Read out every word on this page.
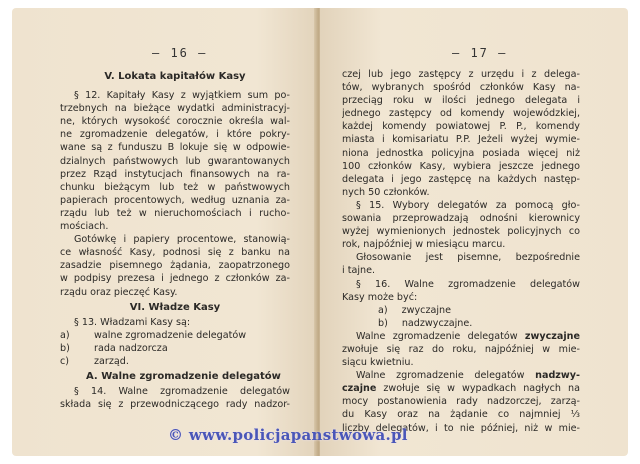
— 16 —
V. Lokata kapitałów Kasy
§ 12. Kapitały Kasy z wyjątkiem sum po-
trzebnych na bieżące wydatki administracyj-
ne, których wysokość corocznie określa wal-
ne zgromadzenie delegatów, i które pokry-
wane są z funduszu B lokuje się w odpowie-
dzialnych państwowych lub gwarantowanych
przez Rząd instytucjach finansowych na ra-
chunku bieżącym lub też w państwowych
papierach procentowych, według uznania za-
rządu lub też w nieruchomościach i rucho-
mościach.
Gotówkę i papiery procentowe, stanowią-
ce własność Kasy, podnosi się z banku na
zasadzie pisemnego żądania, zaopatrzonego
w podpisy prezesa i jednego z członków za-
rządu oraz pieczęć Kasy.
VI. Władze Kasy
§ 13. Władzami Kasy są:
a)	walne zgromadzenie delegatów
b)	rada nadzorcza
c)	zarząd.
A. Walne zgromadzenie delegatów
§ 14. Walne zgromadzenie delegatów
składa się z przewodniczącego rady nadzor-
— 17 —
czej lub jego zastępcy z urzędu i z delega-
tów, wybranych spośród członków Kasy na-
przeciąg roku w ilości jednego delegata i
jednego zastępcy od komendy wojewódzkiej,
każdej komendy powiatowej P. P., komendy
miasta i komisariatu P.P. Jeżeli wyżej wymie-
niona jednostka policyjna posiada więcej niż
100 członków Kasy, wybiera jeszcze jednego
delegata i jego zastępcę na każdych następ-
nych 50 członków.
§ 15. Wybory delegatów za pomocą gło-
sowania przeprowadzają odnośni kierownicy
wyżej wymienionych jednostek policyjnych co
rok, najpóźniej w miesiącu marcu.
Głosowanie jest pisemne, bezpośrednie
i tajne.
§ 16. Walne zgromadzenie delegatów
Kasy może być:
a) zwyczajne
b) nadzwyczajne.
Walne zgromadzenie delegatów zwyczajne
zwołuje się raz do roku, najpóźniej w mie-
siącu kwietniu.
Walne zgromadzenie delegatów nadzwy-
czajne zwołuje się w wypadkach nagłych na
mocy postanowienia rady nadzorczej, zarzą-
du Kasy oraz na żądanie co najmniej ⅓
liczby delegatów, i to nie później, niż w mie-
© www.policjapanstwowa.pl
